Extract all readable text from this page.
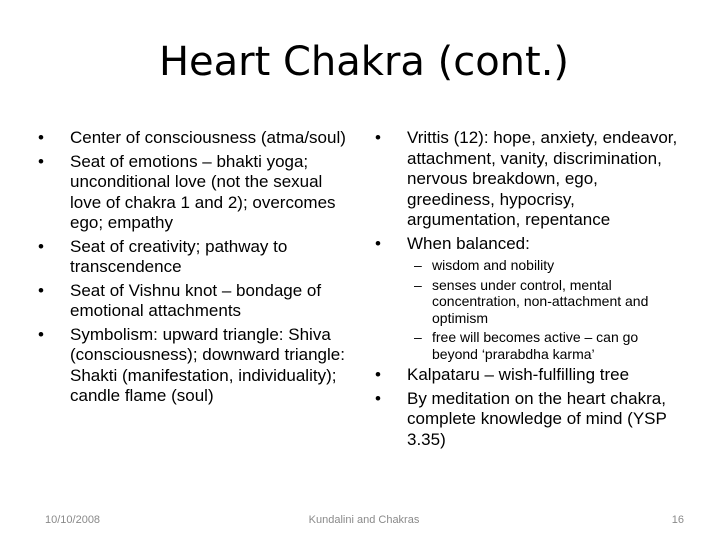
Heart Chakra (cont.)
• Center of consciousness (atma/soul)
• Seat of emotions – bhakti yoga; unconditional love (not the sexual love of chakra 1 and 2); overcomes ego; empathy
• Seat of creativity; pathway to transcendence
• Seat of Vishnu knot – bondage of emotional attachments
• Symbolism: upward triangle: Shiva (consciousness); downward triangle: Shakti (manifestation, individuality); candle flame (soul)
• Vrittis (12): hope, anxiety, endeavor, attachment, vanity, discrimination, nervous breakdown, ego, greediness, hypocrisy, argumentation, repentance
• When balanced:
– wisdom and nobility
– senses under control, mental concentration, non-attachment and optimism
– free will becomes active – can go beyond ‘prarabdha karma’
• Kalpataru – wish-fulfilling tree
• By meditation on the heart chakra, complete knowledge of mind (YSP 3.35)
10/10/2008	Kundalini and Chakras	16
